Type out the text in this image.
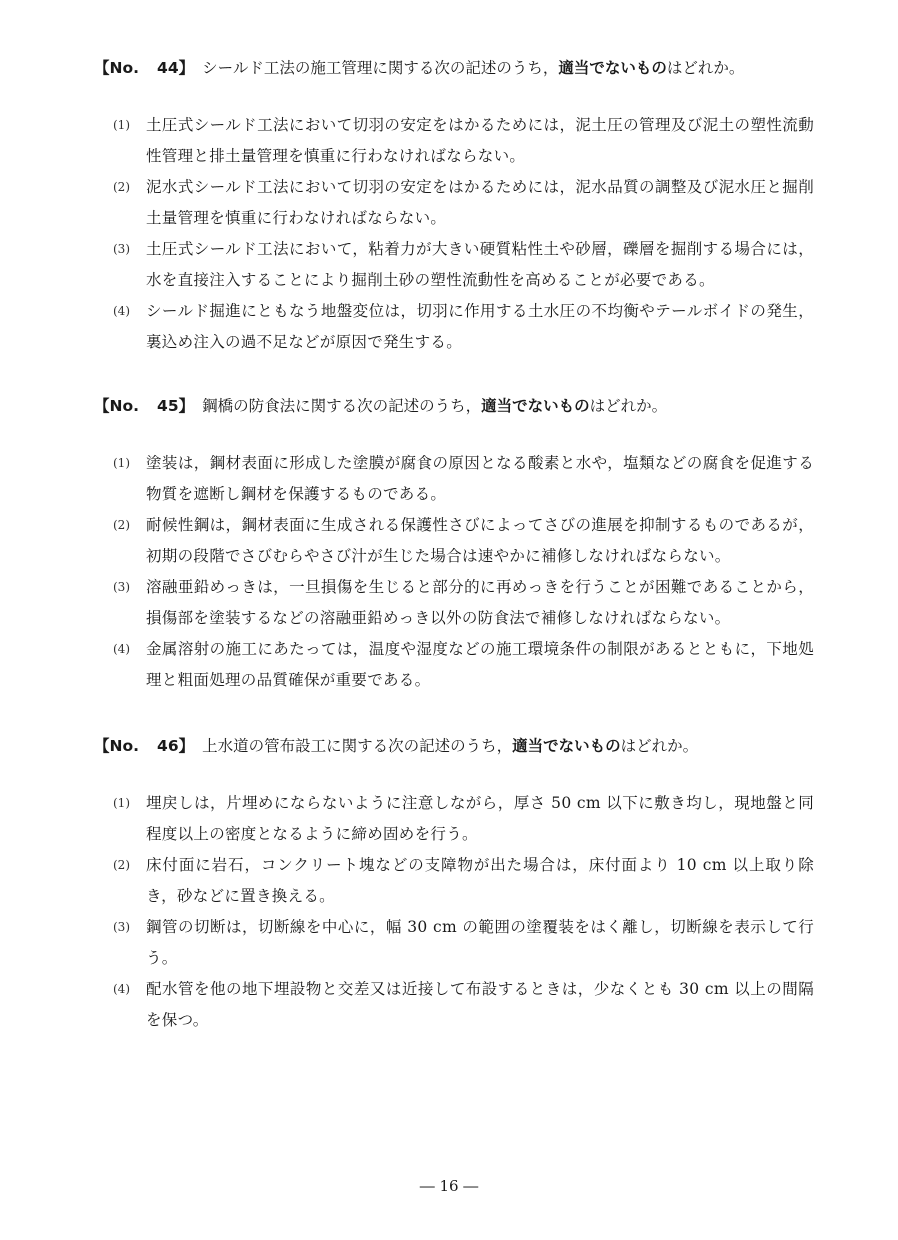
【No. 44】 シールド工法の施工管理に関する次の記述のうち，適当でないものはどれか。
(1) 土圧式シールド工法において切羽の安定をはかるためには，泥土圧の管理及び泥土の塑性流動性管理と排土量管理を慎重に行わなければならない。
(2) 泥水式シールド工法において切羽の安定をはかるためには，泥水品質の調整及び泥水圧と掘削土量管理を慎重に行わなければならない。
(3) 土圧式シールド工法において，粘着力が大きい硬質粘性土や砂層，礫層を掘削する場合には，水を直接注入することにより掘削土砂の塑性流動性を高めることが必要である。
(4) シールド掘進にともなう地盤変位は，切羽に作用する土水圧の不均衡やテールボイドの発生，裏込め注入の過不足などが原因で発生する。
【No. 45】 鋼橋の防食法に関する次の記述のうち，適当でないものはどれか。
(1) 塗装は，鋼材表面に形成した塗膜が腐食の原因となる酸素と水や，塩類などの腐食を促進する物質を遮断し鋼材を保護するものである。
(2) 耐候性鋼は，鋼材表面に生成される保護性さびによってさびの進展を抑制するものであるが，初期の段階でさびむらやさび汁が生じた場合は速やかに補修しなければならない。
(3) 溶融亜鉛めっきは，一旦損傷を生じると部分的に再めっきを行うことが困難であることから，損傷部を塗装するなどの溶融亜鉛めっき以外の防食法で補修しなければならない。
(4) 金属溶射の施工にあたっては，温度や湿度などの施工環境条件の制限があるとともに，下地処理と粗面処理の品質確保が重要である。
【No. 46】 上水道の管布設工に関する次の記述のうち，適当でないものはどれか。
(1) 埋戻しは，片埋めにならないように注意しながら，厚さ 50 cm 以下に敷き均し，現地盤と同程度以上の密度となるように締め固めを行う。
(2) 床付面に岩石，コンクリート塊などの支障物が出た場合は，床付面より 10 cm 以上取り除き，砂などに置き換える。
(3) 鋼管の切断は，切断線を中心に，幅 30 cm の範囲の塗覆装をはく離し，切断線を表示して行う。
(4) 配水管を他の地下埋設物と交差又は近接して布設するときは，少なくとも 30 cm 以上の間隔を保つ。
― 16 ―
